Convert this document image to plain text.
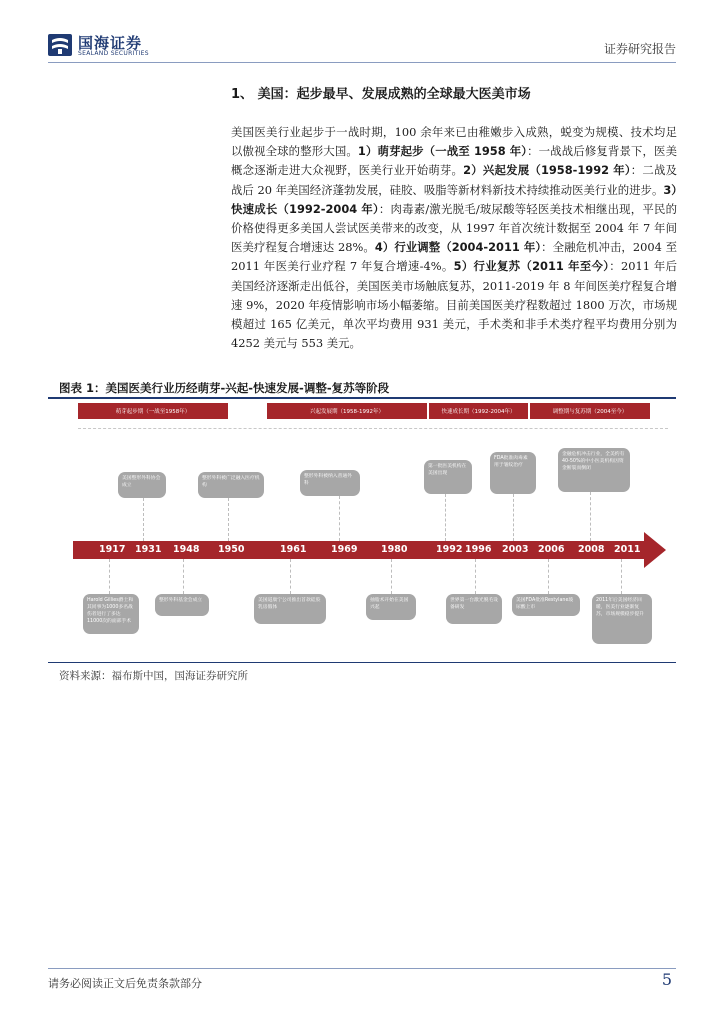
国海证券
SEALAND SECURITIES	证券研究报告
1、 美国：起步最早、发展成熟的全球最大医美市场
美国医美行业起步于一战时期，100 余年来已由稚嫩步入成熟，蜕变为规模、技术均足以傲视全球的整形大国。1）萌芽起步（一战至 1958 年）：一战战后修复背景下，医美概念逐渐走进大众视野，医美行业开始萌芽。2）兴起发展（1958-1992 年）：二战及战后 20 年美国经济蓬勃发展，硅胶、吸脂等新材料新技术持续推动医美行业的进步。3）快速成长（1992-2004 年）：肉毒素/激光脱毛/玻尿酸等轻医美技术相继出现，平民的价格使得更多美国人尝试医美带来的改变，从 1997 年首次统计数据至 2004 年 7 年间医美疗程复合增速达 28%。4）行业调整（2004-2011 年）：全融危机冲击，2004 至 2011 年医美行业疗程 7 年复合增速-4%。5）行业复苏（2011 年至今）：2011 年后美国经济逐渐走出低谷，美国医美市场触底复苏，2011-2019 年 8 年间医美疗程复合增速 9%，2020 年疫情影响市场小幅萎缩。目前美国医美疗程数超过 1800 万次，市场规模超过 165 亿美元，单次平均费用 931 美元，手术类和非手术类疗程平均费用分别为 4252 美元与 553 美元。
图表 1：美国医美行业历经萌芽-兴起-快速发展-调整-复苏等阶段
萌芽起步期（一战至1958年）	兴起发展期（1958-1992年）	快速成长期（1992-2004年）	调整期与复苏期（2004至今）
美国整形外科协会成立
整形外科被广泛融入医疗机构
整形外科被纳入普通外科
第一批医美机构在美国出现
FDA批准肉毒素用于皱纹治疗
金融危机冲击行业，全美约有40-50%的中小医美机构因资金断裂而倒闭
1917 1931 1948 1950	1961	1969 1980	1992 1996 2003 2006 2008 2011
Harold Gillies爵士和其同事为1000多名战伤者进行了多达11000次的面部手术
整形外科基金会成立	美国道康宁公司推出首款硅胶乳房假体
抽脂术开始在美国兴起
世界第一台激光脱毛设备研发
美国FDA批准Restylane玻尿酸上市
2011年后美国经济回暖，医美行业逐渐复苏，市场规模稳步提升
资料来源：福布斯中国，国海证券研究所
请务必阅读正文后免责条款部分	5
